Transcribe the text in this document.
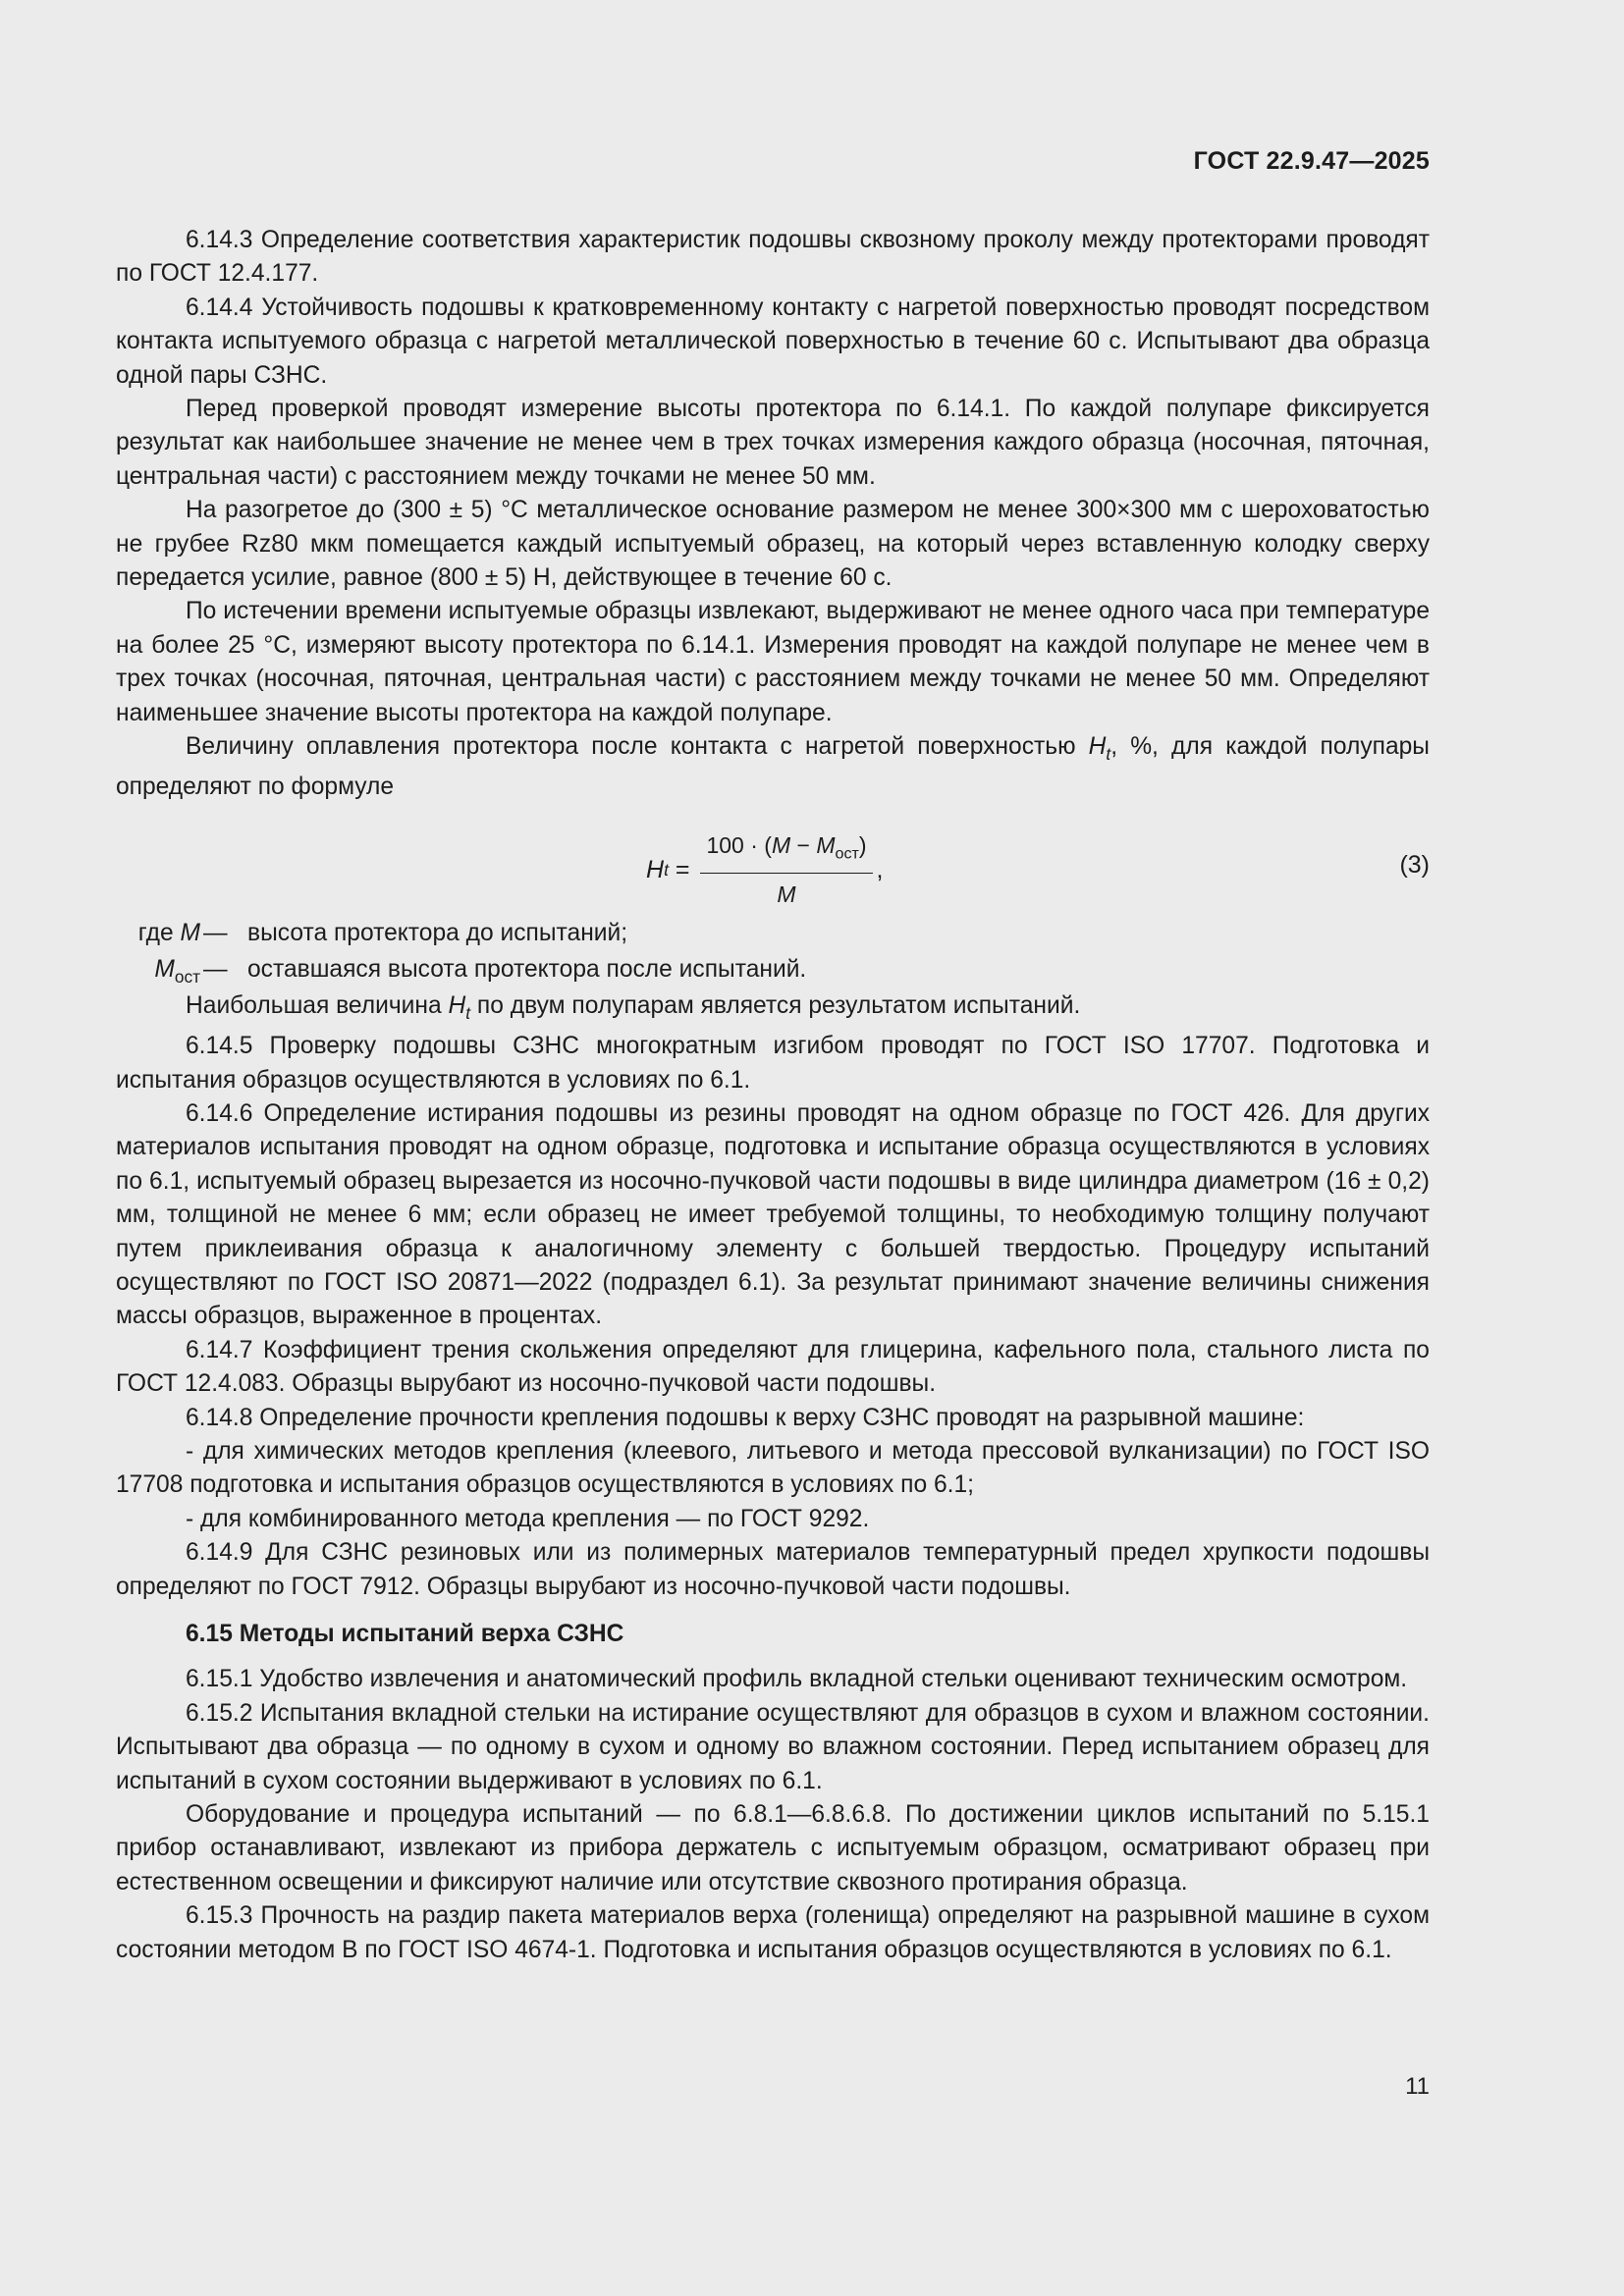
ГОСТ 22.9.47—2025

6.14.3 Определение соответствия характеристик подошвы сквозному проколу между протекторами проводят по ГОСТ 12.4.177.

6.14.4 Устойчивость подошвы к кратковременному контакту с нагретой поверхностью проводят посредством контакта испытуемого образца с нагретой металлической поверхностью в течение 60 с. Испытывают два образца одной пары СЗНС.

Перед проверкой проводят измерение высоты протектора по 6.14.1. По каждой полупаре фиксируется результат как наибольшее значение не менее чем в трех точках измерения каждого образца (носочная, пяточная, центральная части) с расстоянием между точками не менее 50 мм.

На разогретое до (300 ± 5) °С металлическое основание размером не менее 300×300 мм с шероховатостью не грубее Rz80 мкм помещается каждый испытуемый образец, на который через вставленную колодку сверху передается усилие, равное (800 ± 5) Н, действующее в течение 60 с.

По истечении времени испытуемые образцы извлекают, выдерживают не менее одного часа при температуре на более 25 °С, измеряют высоту протектора по 6.14.1. Измерения проводят на каждой полупаре не менее чем в трех точках (носочная, пяточная, центральная части) с расстоянием между точками не менее 50 мм. Определяют наименьшее значение высоты протектора на каждой полупаре.

Величину оплавления протектора после контакта с нагретой поверхностью $H_t$, %, для каждой полупары определяют по формуле

H $t = \frac{100 \cdot (M - M_{ост})}{M}$ ,	(3)
где M — высота протектора до испытаний;
$M_{ост}$ — оставшаяся высота протектора после испытаний.

Наибольшая величина $H_t$ по двум полупарам является результатом испытаний.

6.14.5 Проверку подошвы СЗНС многократным изгибом проводят по ГОСТ ISO 17707. Подготовка и испытания образцов осуществляются в условиях по 6.1.

6.14.6 Определение истирания подошвы из резины проводят на одном образце по ГОСТ 426. Для других материалов испытания проводят на одном образце, подготовка и испытание образца осуществляются в условиях по 6.1, испытуемый образец вырезается из носочно-пучковой части подошвы в виде цилиндра диаметром (16 ± 0,2) мм, толщиной не менее 6 мм; если образец не имеет требуемой толщины, то необходимую толщину получают путем приклеивания образца к аналогичному элементу с большей твердостью. Процедуру испытаний осуществляют по ГОСТ ISO 20871—2022 (подраздел 6.1). За результат принимают значение величины снижения массы образцов, выраженное в процентах.

6.14.7 Коэффициент трения скольжения определяют для глицерина, кафельного пола, стального листа по ГОСТ 12.4.083. Образцы вырубают из носочно-пучковой части подошвы.

6.14.8 Определение прочности крепления подошвы к верху СЗНС проводят на разрывной машине:

- для химических методов крепления (клеевого, литьевого и метода прессовой вулканизации) по ГОСТ ISO 17708 подготовка и испытания образцов осуществляются в условиях по 6.1;

- для комбинированного метода крепления — по ГОСТ 9292.

6.14.9 Для СЗНС резиновых или из полимерных материалов температурный предел хрупкости подошвы определяют по ГОСТ 7912. Образцы вырубают из носочно-пучковой части подошвы.

6.15 Методы испытаний верха СЗНС

6.15.1 Удобство извлечения и анатомический профиль вкладной стельки оценивают техническим осмотром.

6.15.2 Испытания вкладной стельки на истирание осуществляют для образцов в сухом и влажном состоянии. Испытывают два образца — по одному в сухом и одному во влажном состоянии. Перед испытанием образец для испытаний в сухом состоянии выдерживают в условиях по 6.1.

Оборудование и процедура испытаний — по 6.8.1—6.8.6.8. По достижении циклов испытаний по 5.15.1 прибор останавливают, извлекают из прибора держатель с испытуемым образцом, осматривают образец при естественном освещении и фиксируют наличие или отсутствие сквозного протирания образца.

6.15.3 Прочность на раздир пакета материалов верха (голенища) определяют на разрывной машине в сухом состоянии методом В по ГОСТ ISO 4674-1. Подготовка и испытания образцов осуществляются в условиях по 6.1.

11
